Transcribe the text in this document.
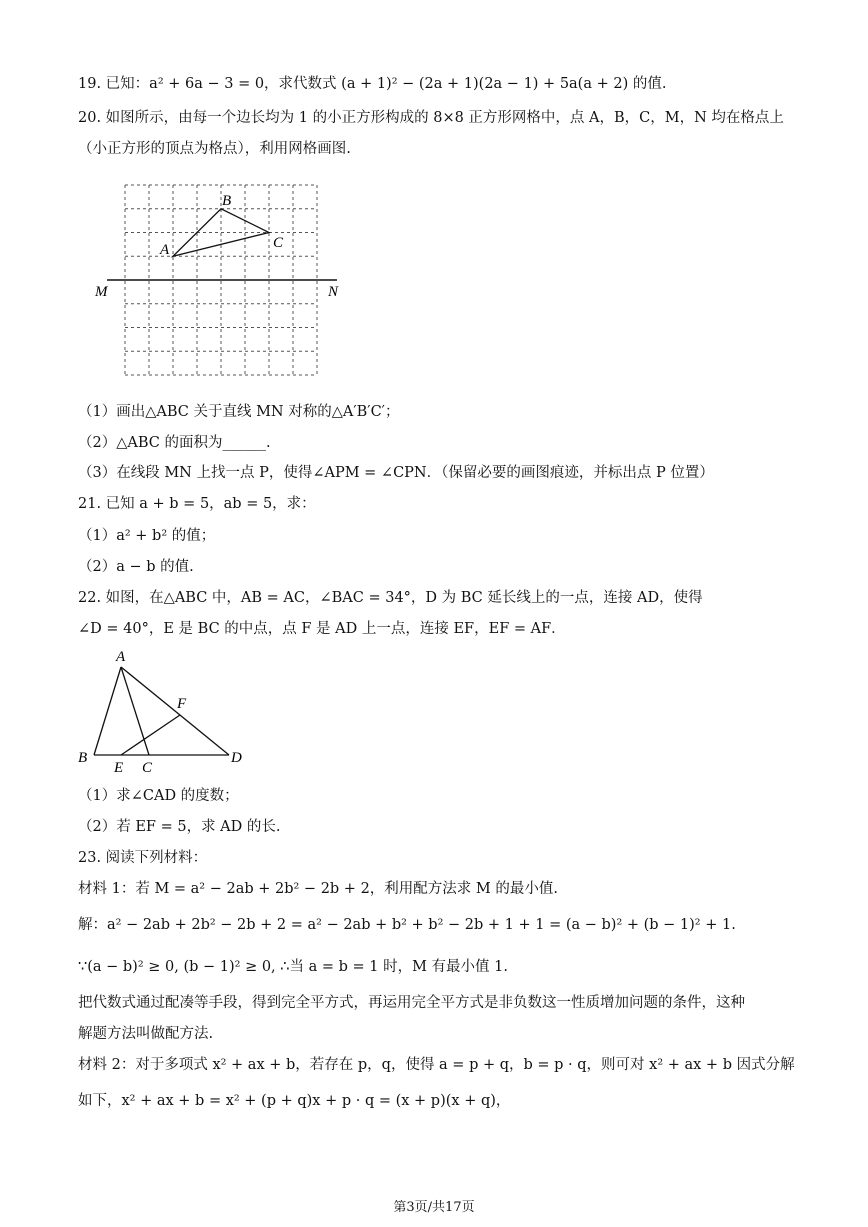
19. 已知：a² + 6a − 3 = 0，求代数式 (a + 1)² − (2a + 1)(2a − 1) + 5a(a + 2) 的值.
20. 如图所示，由每一个边长均为 1 的小正方形构成的 8×8 正方形网格中，点 A，B，C，M，N 均在格点上
（小正方形的顶点为格点），利用网格画图.
B
C
A
M	N
（1）画出△ABC 关于直线 MN 对称的△A′B′C′；
（2）△ABC 的面积为______.
（3）在线段 MN 上找一点 P，使得∠APM = ∠CPN．（保留必要的画图痕迹，并标出点 P 位置）
21. 已知 a + b = 5，ab = 5，求：
（1）a² + b² 的值；
（2）a − b 的值.
22. 如图，在△ABC 中，AB = AC，∠BAC = 34°，D 为 BC 延长线上的一点，连接 AD，使得
∠D = 40°，E 是 BC 的中点，点 F 是 AD 上一点，连接 EF，EF = AF．
A
F
B
E C
D
（1）求∠CAD 的度数；
（2）若 EF = 5，求 AD 的长.
23. 阅读下列材料：
材料 1：若 M = a² − 2ab + 2b² − 2b + 2，利用配方法求 M 的最小值.
解：a² − 2ab + 2b² − 2b + 2 = a² − 2ab + b² + b² − 2b + 1 + 1 = (a − b)² + (b − 1)² + 1.
∵(a − b)² ≥ 0, (b − 1)² ≥ 0, ∴当 a = b = 1 时，M 有最小值 1.
把代数式通过配凑等手段，得到完全平方式，再运用完全平方式是非负数这一性质增加问题的条件，这种
解题方法叫做配方法.
材料 2：对于多项式 x² + ax + b，若存在 p，q，使得 a = p + q，b = p · q，则可对 x² + ax + b 因式分解
如下，x² + ax + b = x² + (p + q)x + p · q = (x + p)(x + q)，
第3页/共17页
